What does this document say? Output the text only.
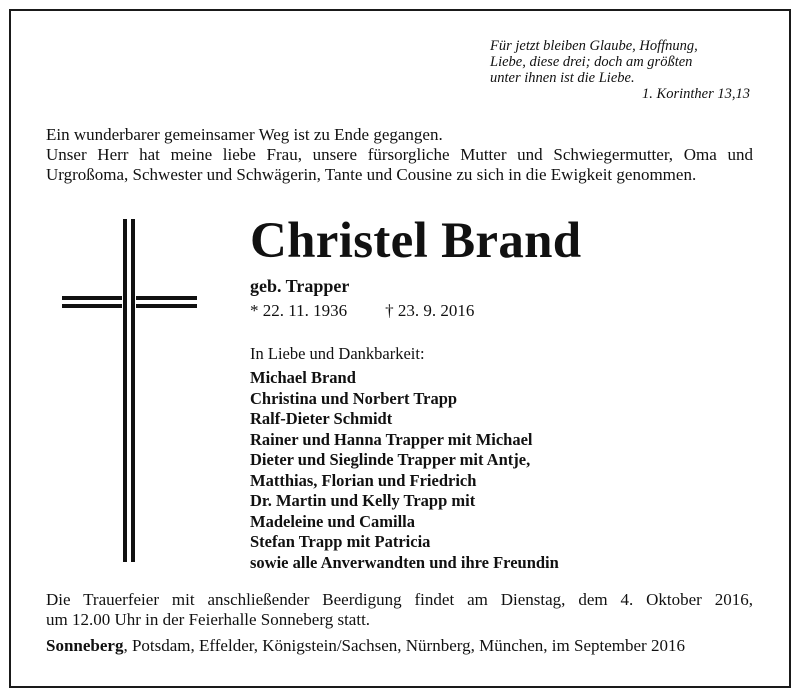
Für jetzt bleiben Glaube, Hoffnung,
Liebe, diese drei; doch am größten
unter ihnen ist die Liebe.
1. Korinther 13,13

Ein wunderbarer gemeinsamer Weg ist zu Ende gegangen.

Unser Herr hat meine liebe Frau, unsere fürsorgliche Mutter und Schwiegermutter, Oma und

Urgroßoma, Schwester und Schwägerin, Tante und Cousine zu sich in die Ewigkeit genommen.

Christel Brand
geb. Trapper
* 22. 11. 1936 † 23. 9. 2016
In Liebe und Dankbarkeit:
Michael Brand
Christina und Norbert Trapp
Ralf-Dieter Schmidt
Rainer und Hanna Trapper mit Michael
Dieter und Sieglinde Trapper mit Antje,
Matthias, Florian und Friedrich
Dr. Martin und Kelly Trapp mit
Madeleine und Camilla
Stefan Trapp mit Patricia
sowie alle Anverwandten und ihre Freundin
Die Trauerfeier mit anschließender Beerdigung findet am Dienstag, dem 4. Oktober 2016,
um 12.00 Uhr in der Feierhalle Sonneberg statt.
Sonneberg, Potsdam, Effelder, Königstein/Sachsen, Nürnberg, München, im September 2016
